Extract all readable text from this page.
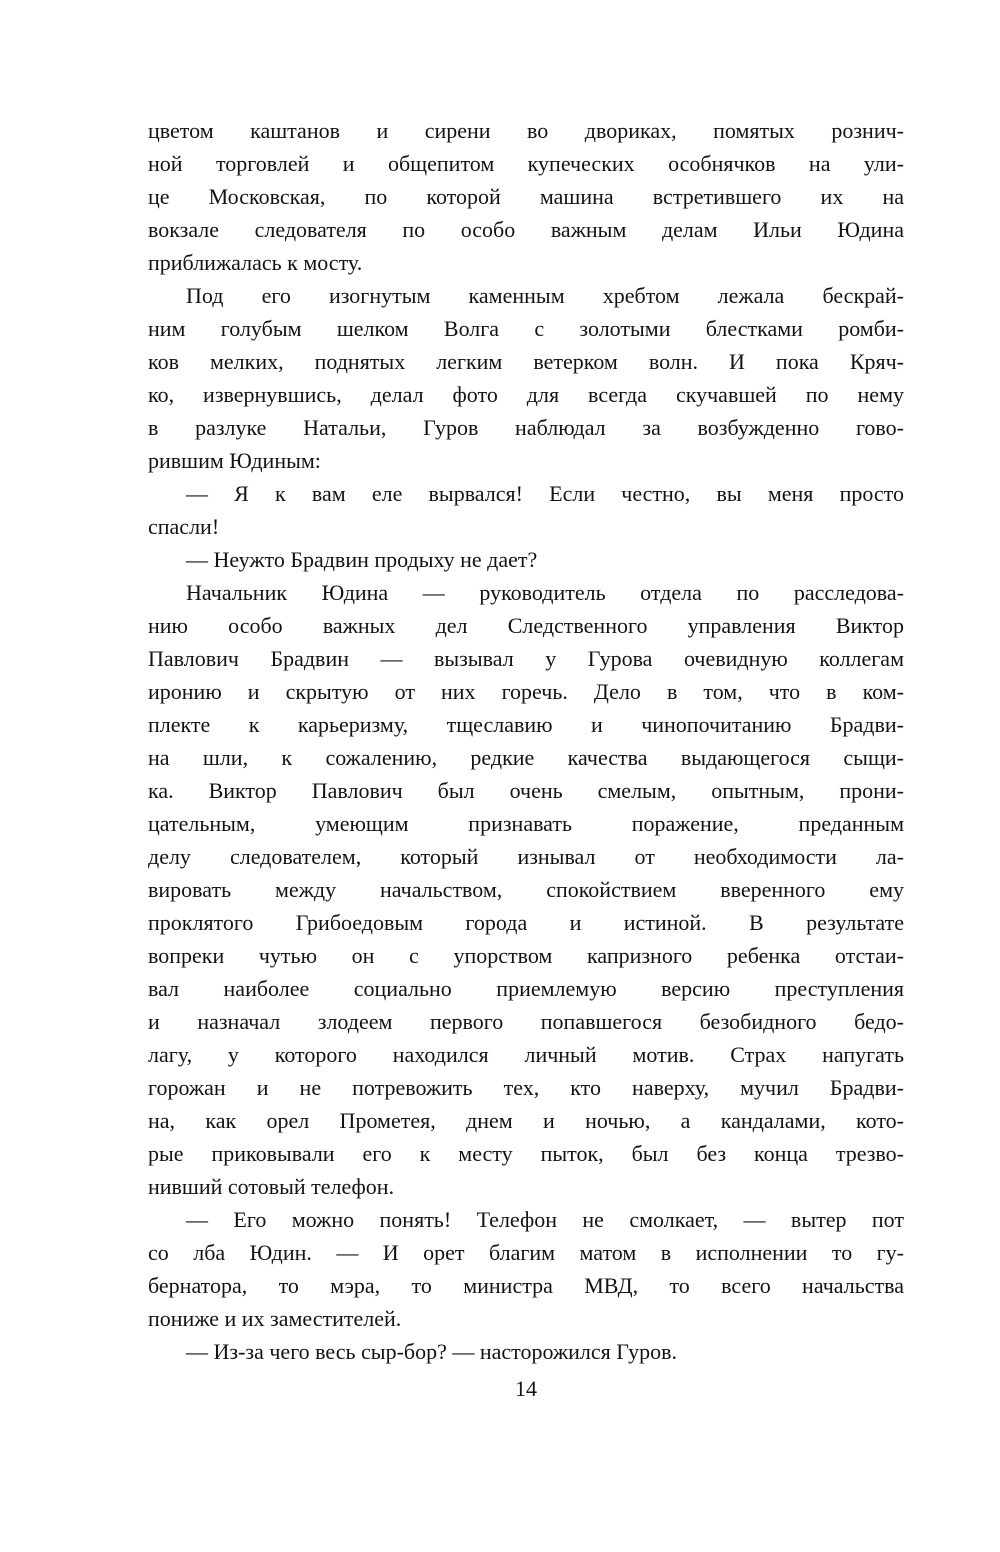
цветом каштанов и сирени во двориках, помятых рознич-
ной торговлей и общепитом купеческих особнячков на ули-
це Московская, по которой машина встретившего их на
вокзале следователя по особо важным делам Ильи Юдина
приближалась к мосту.
Под его изогнутым каменным хребтом лежала бескрай-
ним голубым шелком Волга с золотыми блестками ромби-
ков мелких, поднятых легким ветерком волн. И пока Кряч-
ко, извернувшись, делал фото для всегда скучавшей по нему
в разлуке Натальи, Гуров наблюдал за возбужденно гово-
рившим Юдиным:
— Я к вам еле вырвался! Если честно, вы меня просто
спасли!
— Неужто Брадвин продыху не дает?
Начальник Юдина — руководитель отдела по расследова-
нию особо важных дел Следственного управления Виктор
Павлович Брадвин — вызывал у Гурова очевидную коллегам
иронию и скрытую от них горечь. Дело в том, что в ком-
плекте к карьеризму, тщеславию и чинопочитанию Брадви-
на шли, к сожалению, редкие качества выдающегося сыщи-
ка. Виктор Павлович был очень смелым, опытным, прони-
цательным, умеющим признавать поражение, преданным
делу следователем, который изнывал от необходимости ла-
вировать между начальством, спокойствием вверенного ему
проклятого Грибоедовым города и истиной. В результате
вопреки чутью он с упорством капризного ребенка отстаи-
вал наиболее социально приемлемую версию преступления
и назначал злодеем первого попавшегося безобидного бедо-
лагу, у которого находился личный мотив. Страх напугать
горожан и не потревожить тех, кто наверху, мучил Брадви-
на, как орел Прометея, днем и ночью, а кандалами, кото-
рые приковывали его к месту пыток, был без конца трезво-
нивший сотовый телефон.
— Его можно понять! Телефон не смолкает, — вытер пот
со лба Юдин. — И орет благим матом в исполнении то гу-
бернатора, то мэра, то министра МВД, то всего начальства
пониже и их заместителей.
— Из-за чего весь сыр-бор? — насторожился Гуров.
14
